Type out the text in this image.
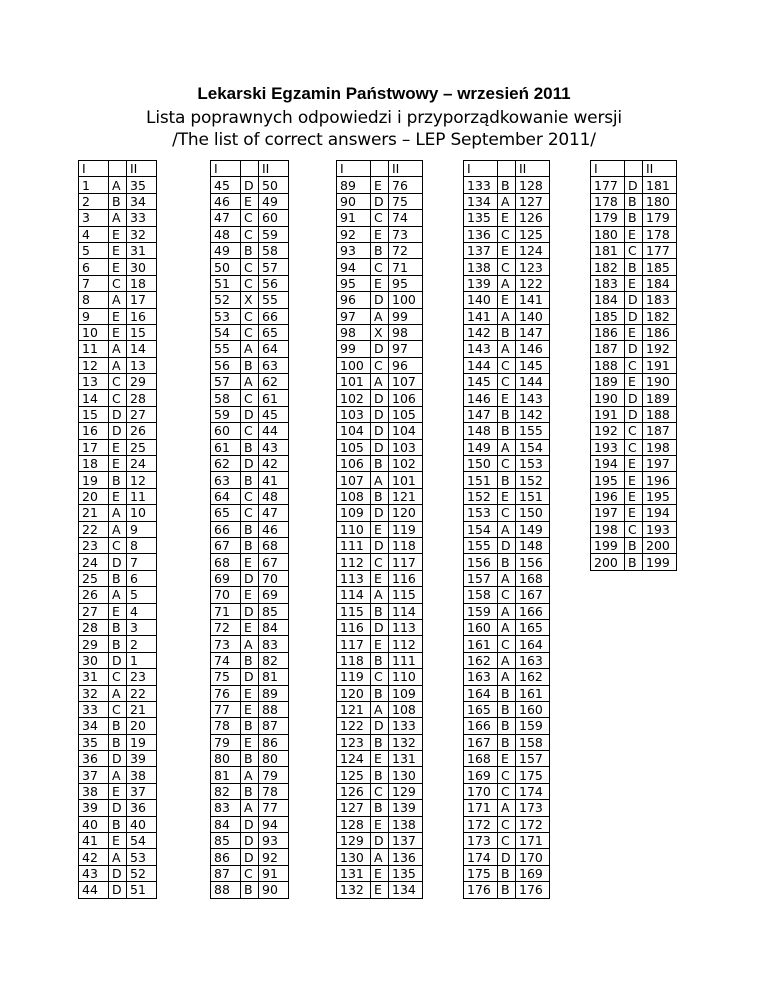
Lekarski Egzamin Państwowy – wrzesień 2011
Lista poprawnych odpowiedzi i przyporządkowanie wersji
/The list of correct answers – LEP September 2011/
I		II
1	A	35
2	B	34
3	A	33
4	E	32
5	E	31
6	E	30
7	C	18
8	A	17
9	E	16
10	E	15
11	A	14
12	A	13
13	C	29
14	C	28
15	D	27
16	D	26
17	E	25
18	E	24
19	B	12
20	E	11
21	A	10
22	A	9
23	C	8
24	D	7
25	B	6
26	A	5
27	E	4
28	B	3
29	B	2
30	D	1
31	C	23
32	A	22
33	C	21
34	B	20
35	B	19
36	D	39
37	A	38
38	E	37
39	D	36
40	B	40
41	E	54
42	A	53
43	D	52
44	D	51
I		II
45	D	50
46	E	49
47	C	60
48	C	59
49	B	58
50	C	57
51	C	56
52	X	55
53	C	66
54	C	65
55	A	64
56	B	63
57	A	62
58	C	61
59	D	45
60	C	44
61	B	43
62	D	42
63	B	41
64	C	48
65	C	47
66	B	46
67	B	68
68	E	67
69	D	70
70	E	69
71	D	85
72	E	84
73	A	83
74	B	82
75	D	81
76	E	89
77	E	88
78	B	87
79	E	86
80	B	80
81	A	79
82	B	78
83	A	77
84	D	94
85	D	93
86	D	92
87	C	91
88	B	90
I		II
89	E	76
90	D	75
91	C	74
92	E	73
93	B	72
94	C	71
95	E	95
96	D	100
97	A	99
98	X	98
99	D	97
100	C	96
101	A	107
102	D	106
103	D	105
104	D	104
105	D	103
106	B	102
107	A	101
108	B	121
109	D	120
110	E	119
111	D	118
112	C	117
113	E	116
114	A	115
115	B	114
116	D	113
117	E	112
118	B	111
119	C	110
120	B	109
121	A	108
122	D	133
123	B	132
124	E	131
125	B	130
126	C	129
127	B	139
128	E	138
129	D	137
130	A	136
131	E	135
132	E	134
I		II
133	B	128
134	A	127
135	E	126
136	C	125
137	E	124
138	C	123
139	A	122
140	E	141
141	A	140
142	B	147
143	A	146
144	C	145
145	C	144
146	E	143
147	B	142
148	B	155
149	A	154
150	C	153
151	B	152
152	E	151
153	C	150
154	A	149
155	D	148
156	B	156
157	A	168
158	C	167
159	A	166
160	A	165
161	C	164
162	A	163
163	A	162
164	B	161
165	B	160
166	B	159
167	B	158
168	E	157
169	C	175
170	C	174
171	A	173
172	C	172
173	C	171
174	D	170
175	B	169
176	B	176
I		II
177	D	181
178	B	180
179	B	179
180	E	178
181	C	177
182	B	185
183	E	184
184	D	183
185	D	182
186	E	186
187	D	192
188	C	191
189	E	190
190	D	189
191	D	188
192	C	187
193	C	198
194	E	197
195	E	196
196	E	195
197	E	194
198	C	193
199	B	200
200	B	199
